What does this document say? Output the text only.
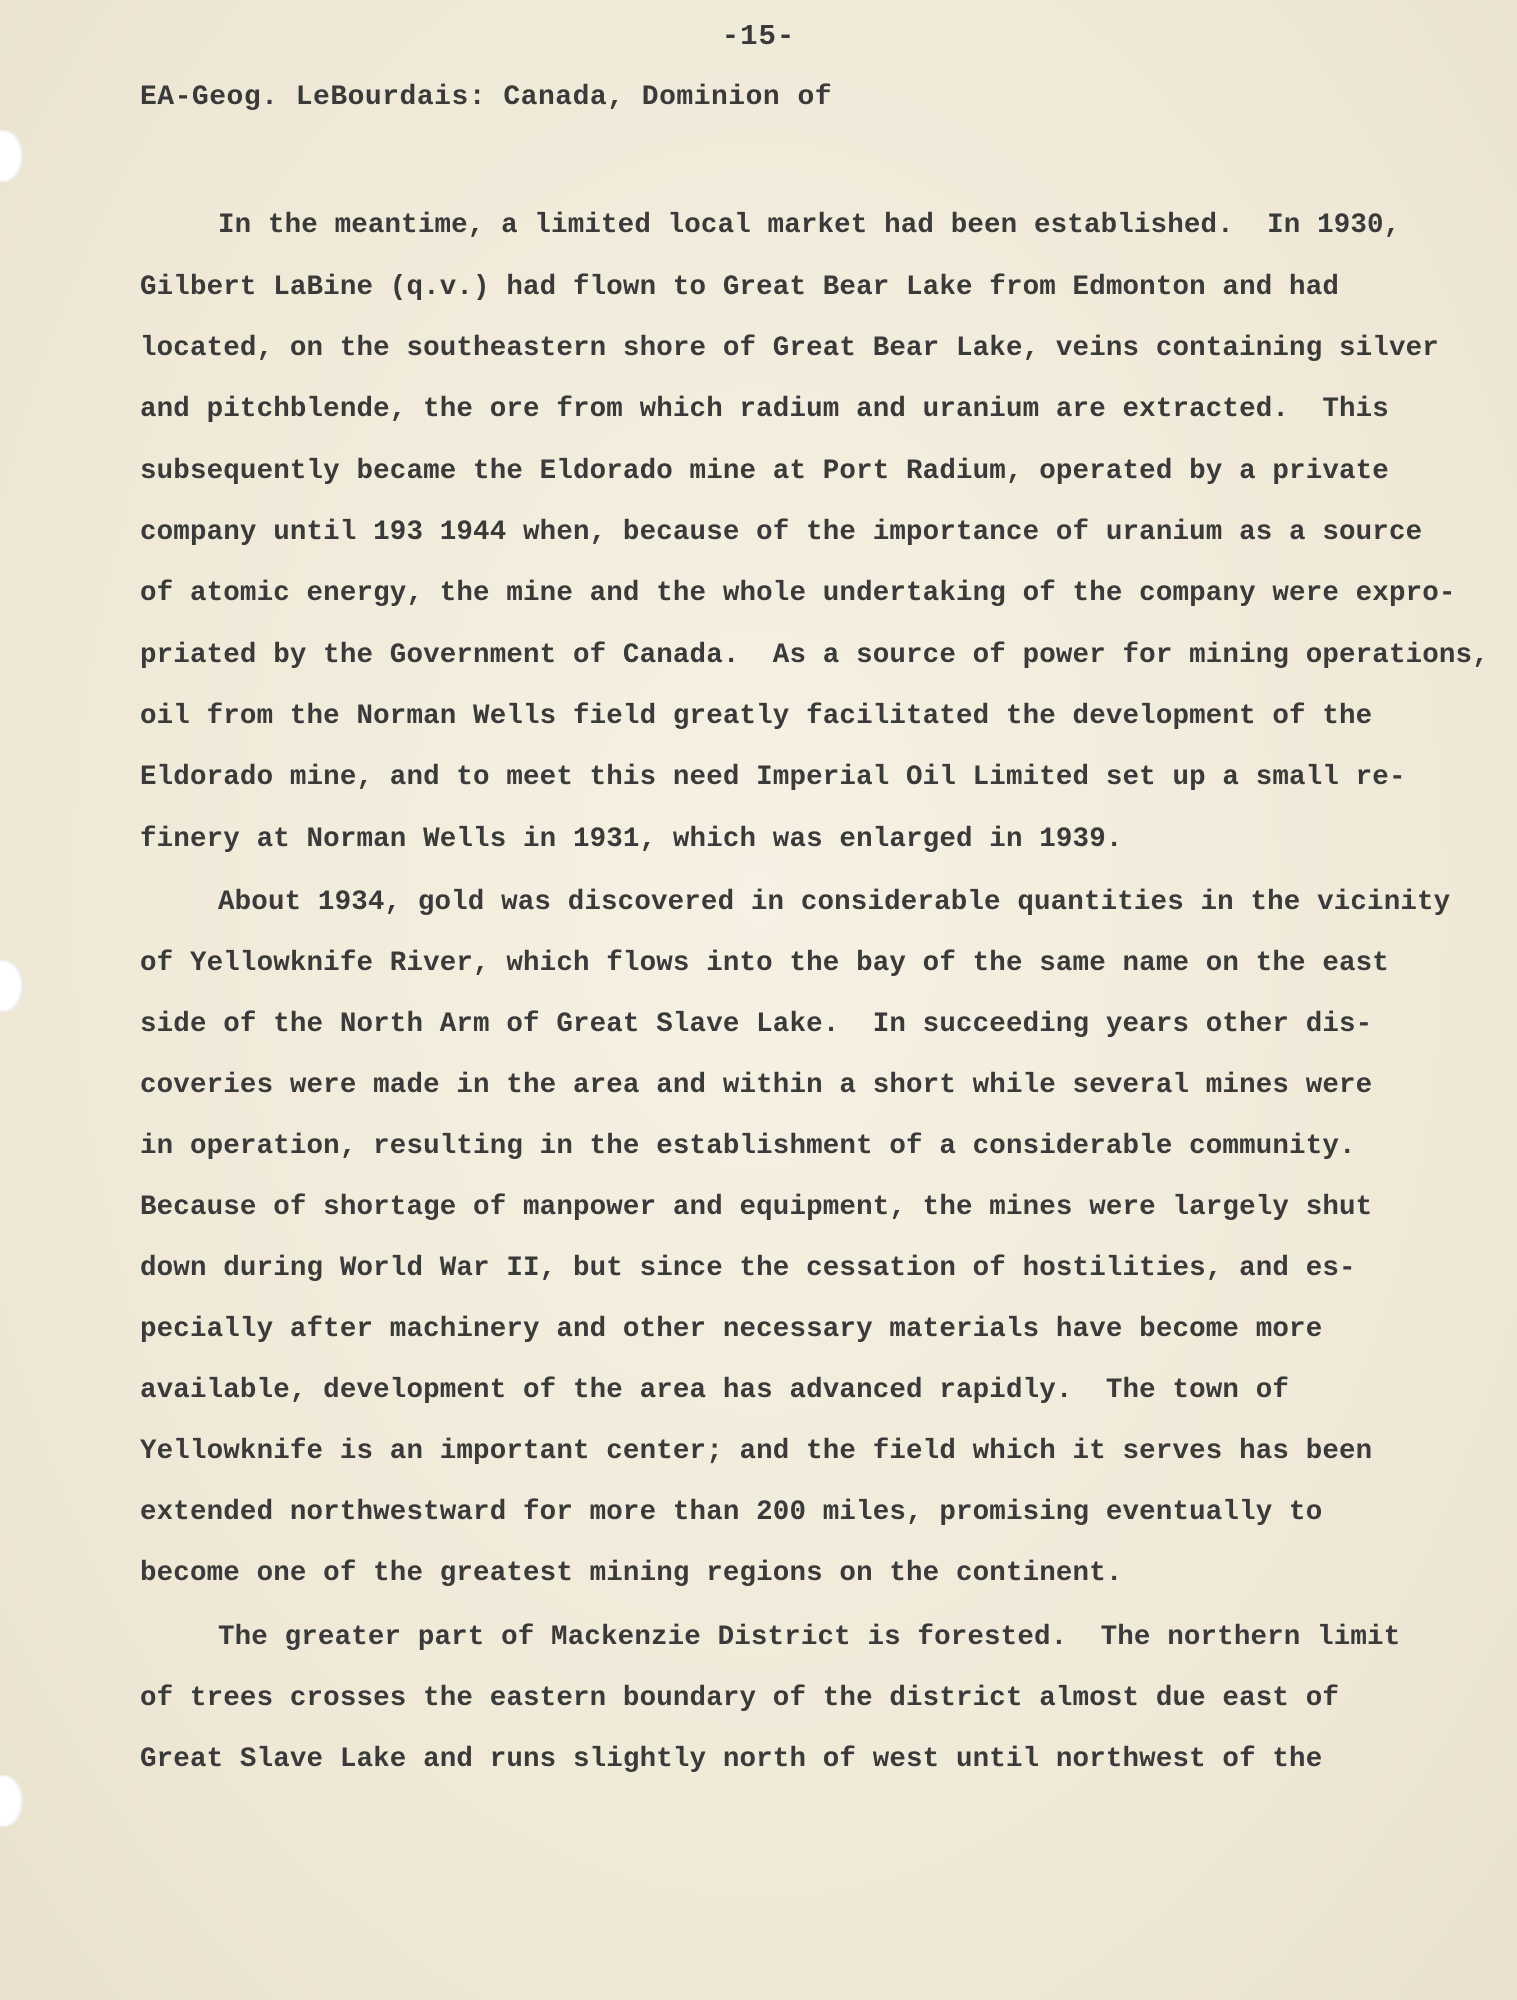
-15-
EA-Geog. LeBourdais: Canada, Dominion of
In the meantime, a limited local market had been established.  In 1930,
Gilbert LaBine (q.v.) had flown to Great Bear Lake from Edmonton and had
located, on the southeastern shore of Great Bear Lake, veins containing silver
and pitchblende, the ore from which radium and uranium are extracted.  This
subsequently became the Eldorado mine at Port Radium, operated by a private
company until 193 1944 when, because of the importance of uranium as a source
of atomic energy, the mine and the whole undertaking of the company were expro-
priated by the Government of Canada.  As a source of power for mining operations,
oil from the Norman Wells field greatly facilitated the development of the
Eldorado mine, and to meet this need Imperial Oil Limited set up a small re-
finery at Norman Wells in 1931, which was enlarged in 1939.
About 1934, gold was discovered in considerable quantities in the vicinity
of Yellowknife River, which flows into the bay of the same name on the east
side of the North Arm of Great Slave Lake.  In succeeding years other dis-
coveries were made in the area and within a short while several mines were
in operation, resulting in the establishment of a considerable community.
Because of shortage of manpower and equipment, the mines were largely shut
down during World War II, but since the cessation of hostilities, and es-
pecially after machinery and other necessary materials have become more
available, development of the area has advanced rapidly.  The town of
Yellowknife is an important center; and the field which it serves has been
extended northwestward for more than 200 miles, promising eventually to
become one of the greatest mining regions on the continent.
The greater part of Mackenzie District is forested.  The northern limit
of trees crosses the eastern boundary of the district almost due east of
Great Slave Lake and runs slightly north of west until northwest of the
